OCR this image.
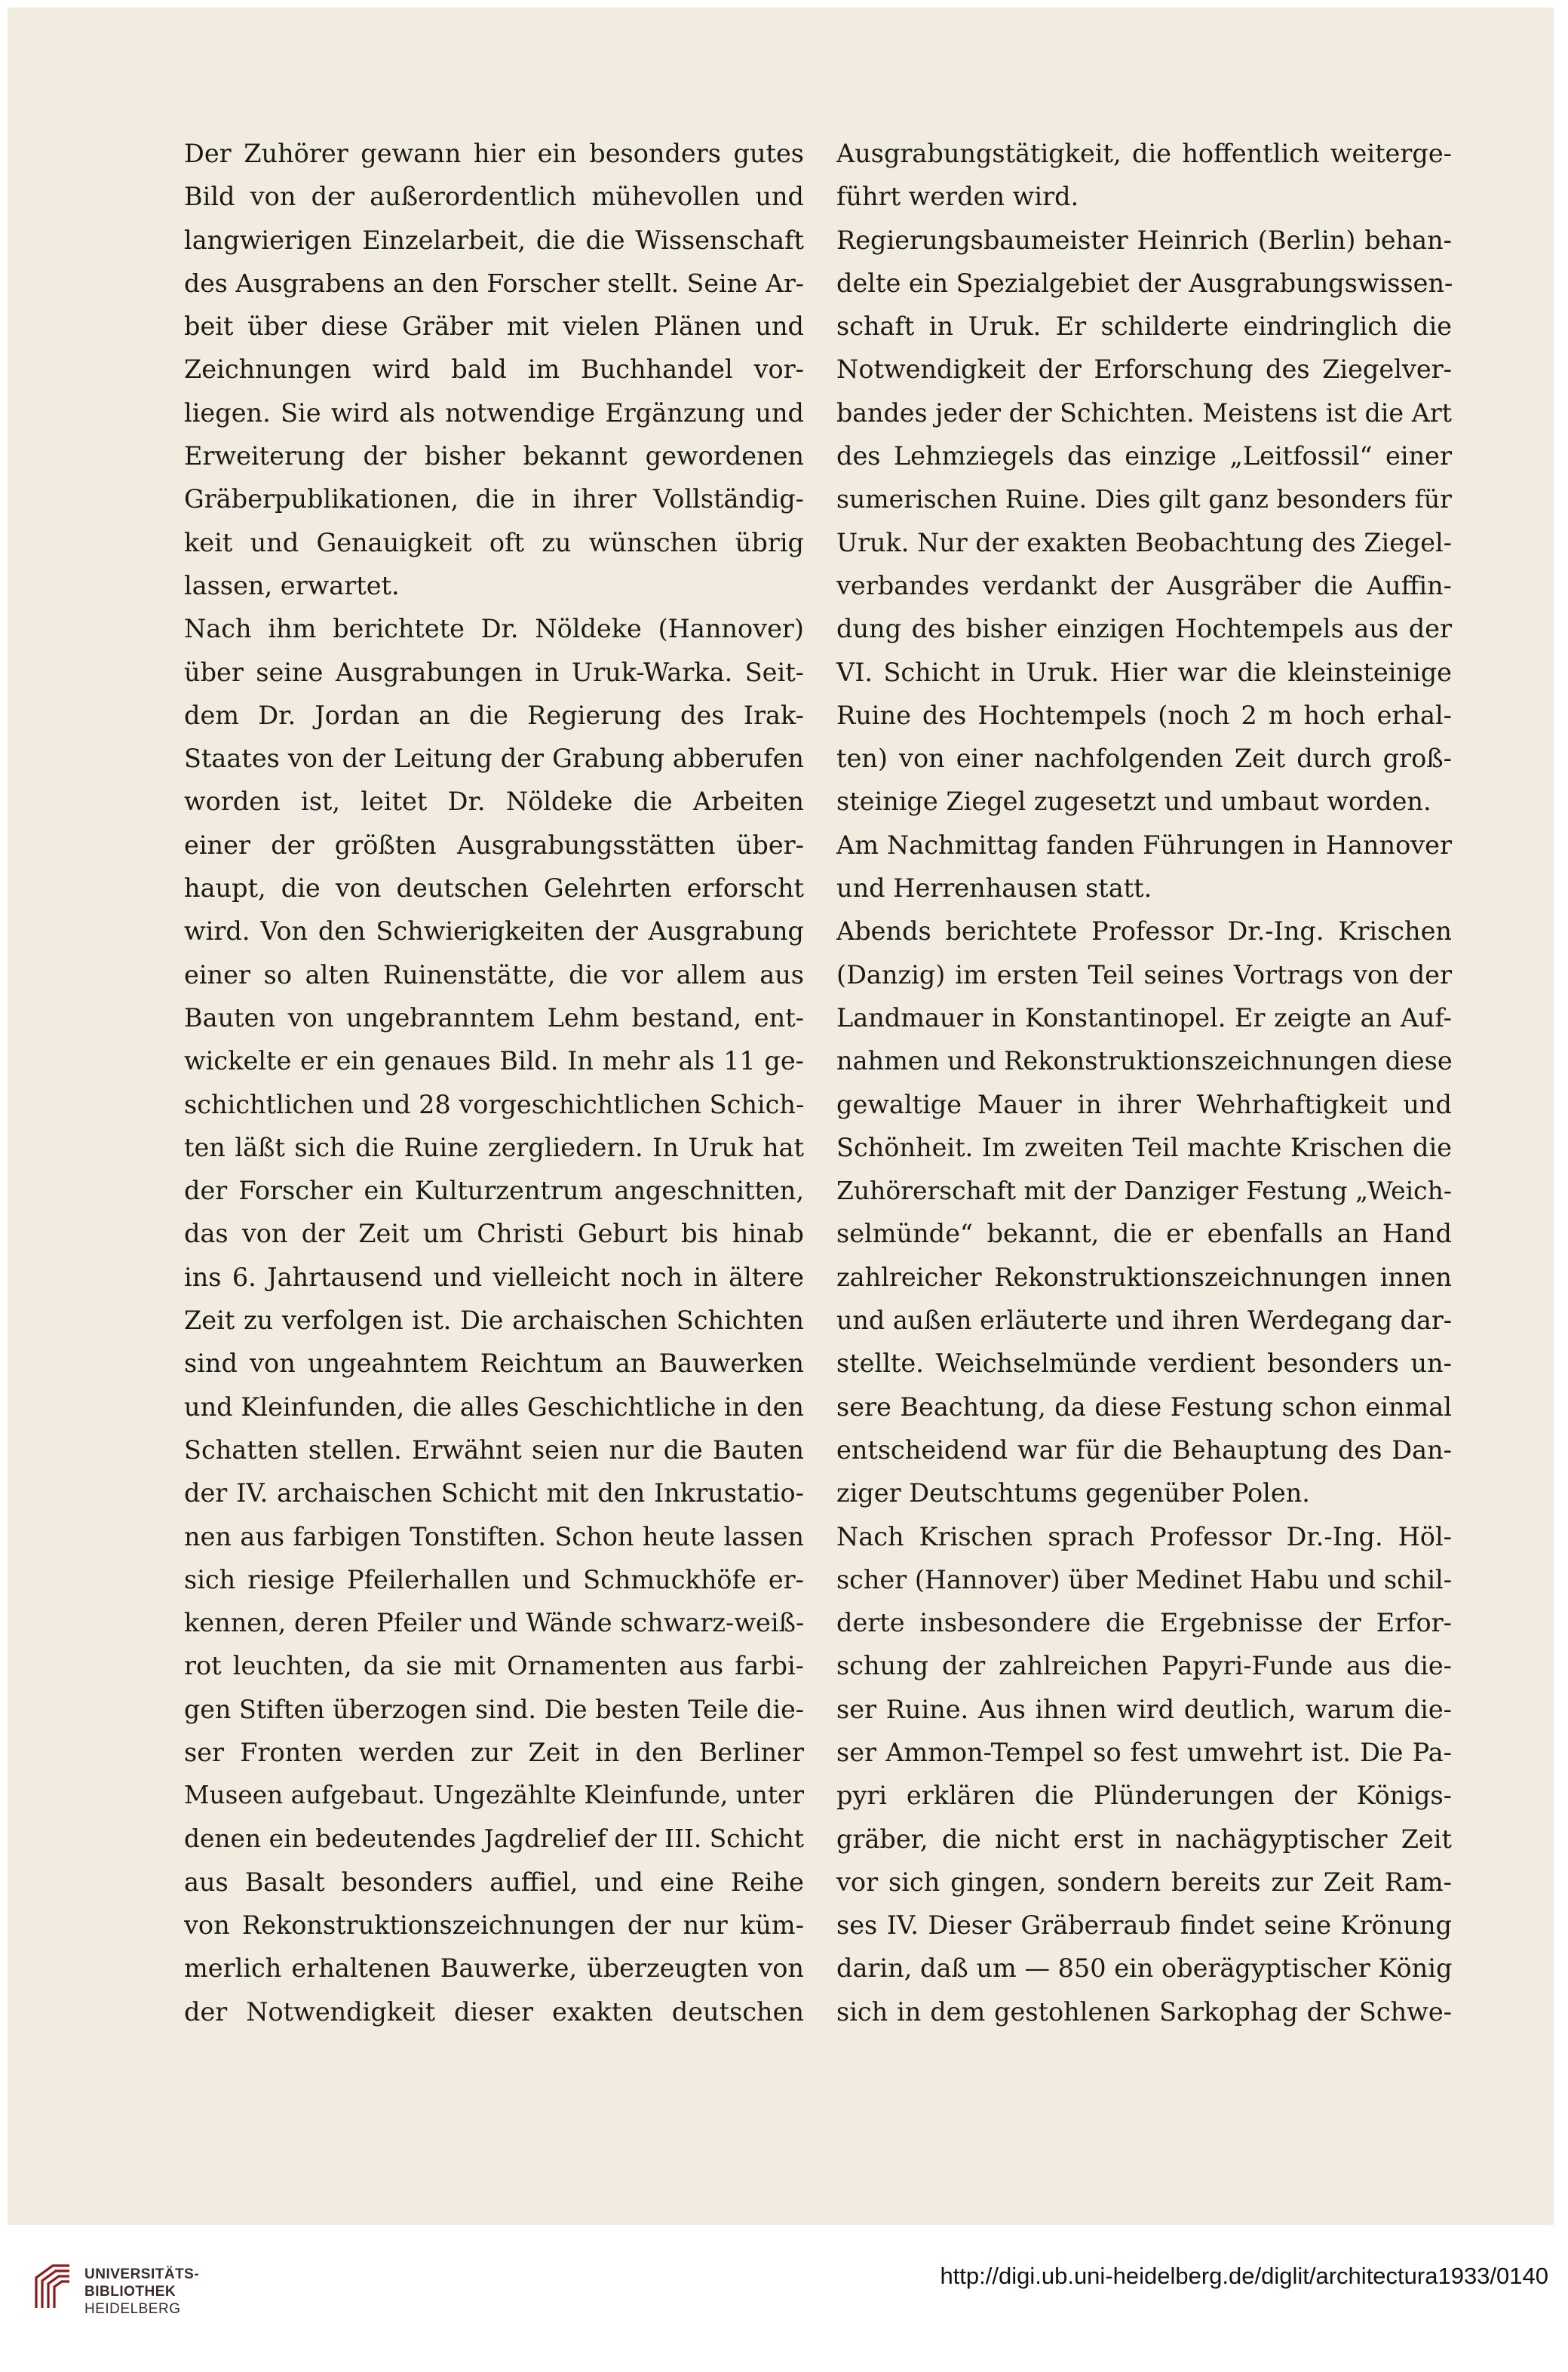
Der Zuhörer gewann hier ein besonders gutes
Bild von der außerordentlich mühevollen und
langwierigen Einzelarbeit, die die Wissenschaft
des Ausgrabens an den Forscher stellt. Seine Ar-
beit über diese Gräber mit vielen Plänen und
Zeichnungen wird bald im Buchhandel vor-
liegen. Sie wird als notwendige Ergänzung und
Erweiterung der bisher bekannt gewordenen
Gräberpublikationen, die in ihrer Vollständig-
keit und Genauigkeit oft zu wünschen übrig
lassen, erwartet.
Nach ihm berichtete Dr. Nöldeke (Hannover)
über seine Ausgrabungen in Uruk-Warka. Seit-
dem Dr. Jordan an die Regierung des Irak-
Staates von der Leitung der Grabung abberufen
worden ist, leitet Dr. Nöldeke die Arbeiten
einer der größten Ausgrabungsstätten über-
haupt, die von deutschen Gelehrten erforscht
wird. Von den Schwierigkeiten der Ausgrabung
einer so alten Ruinenstätte, die vor allem aus
Bauten von ungebranntem Lehm bestand, ent-
wickelte er ein genaues Bild. In mehr als 11 ge-
schichtlichen und 28 vorgeschichtlichen Schich-
ten läßt sich die Ruine zergliedern. In Uruk hat
der Forscher ein Kulturzentrum angeschnitten,
das von der Zeit um Christi Geburt bis hinab
ins 6. Jahrtausend und vielleicht noch in ältere
Zeit zu verfolgen ist. Die archaischen Schichten
sind von ungeahntem Reichtum an Bauwerken
und Kleinfunden, die alles Geschichtliche in den
Schatten stellen. Erwähnt seien nur die Bauten
der IV. archaischen Schicht mit den Inkrustatio-
nen aus farbigen Tonstiften. Schon heute lassen
sich riesige Pfeilerhallen und Schmuckhöfe er-
kennen, deren Pfeiler und Wände schwarz-weiß-
rot leuchten, da sie mit Ornamenten aus farbi-
gen Stiften überzogen sind. Die besten Teile die-
ser Fronten werden zur Zeit in den Berliner
Museen aufgebaut. Ungezählte Kleinfunde, unter
denen ein bedeutendes Jagdrelief der III. Schicht
aus Basalt besonders auffiel, und eine Reihe
von Rekonstruktionszeichnungen der nur küm-
merlich erhaltenen Bauwerke, überzeugten von
der Notwendigkeit dieser exakten deutschen
Ausgrabungstätigkeit, die hoffentlich weiterge-
führt werden wird.
Regierungsbaumeister Heinrich (Berlin) behan-
delte ein Spezialgebiet der Ausgrabungswissen-
schaft in Uruk. Er schilderte eindringlich die
Notwendigkeit der Erforschung des Ziegelver-
bandes jeder der Schichten. Meistens ist die Art
des Lehmziegels das einzige „Leitfossil“ einer
sumerischen Ruine. Dies gilt ganz besonders für
Uruk. Nur der exakten Beobachtung des Ziegel-
verbandes verdankt der Ausgräber die Auffin-
dung des bisher einzigen Hochtempels aus der
VI. Schicht in Uruk. Hier war die kleinsteinige
Ruine des Hochtempels (noch 2 m hoch erhal-
ten) von einer nachfolgenden Zeit durch groß-
steinige Ziegel zugesetzt und umbaut worden.
Am Nachmittag fanden Führungen in Hannover
und Herrenhausen statt.
Abends berichtete Professor Dr.-Ing. Krischen
(Danzig) im ersten Teil seines Vortrags von der
Landmauer in Konstantinopel. Er zeigte an Auf-
nahmen und Rekonstruktionszeichnungen diese
gewaltige Mauer in ihrer Wehrhaftigkeit und
Schönheit. Im zweiten Teil machte Krischen die
Zuhörerschaft mit der Danziger Festung „Weich-
selmünde“ bekannt, die er ebenfalls an Hand
zahlreicher Rekonstruktionszeichnungen innen
und außen erläuterte und ihren Werdegang dar-
stellte. Weichselmünde verdient besonders un-
sere Beachtung, da diese Festung schon einmal
entscheidend war für die Behauptung des Dan-
ziger Deutschtums gegenüber Polen.
Nach Krischen sprach Professor Dr.-Ing. Höl-
scher (Hannover) über Medinet Habu und schil-
derte insbesondere die Ergebnisse der Erfor-
schung der zahlreichen Papyri-Funde aus die-
ser Ruine. Aus ihnen wird deutlich, warum die-
ser Ammon-Tempel so fest umwehrt ist. Die Pa-
pyri erklären die Plünderungen der Königs-
gräber, die nicht erst in nachägyptischer Zeit
vor sich gingen, sondern bereits zur Zeit Ram-
ses IV. Dieser Gräberraub findet seine Krönung
darin, daß um — 850 ein oberägyptischer König
sich in dem gestohlenen Sarkophag der Schwe-
UNIVERSITÄTS-
BIBLIOTHEK
HEIDELBERG
http://digi.ub.uni-heidelberg.de/diglit/architectura1933/0140
